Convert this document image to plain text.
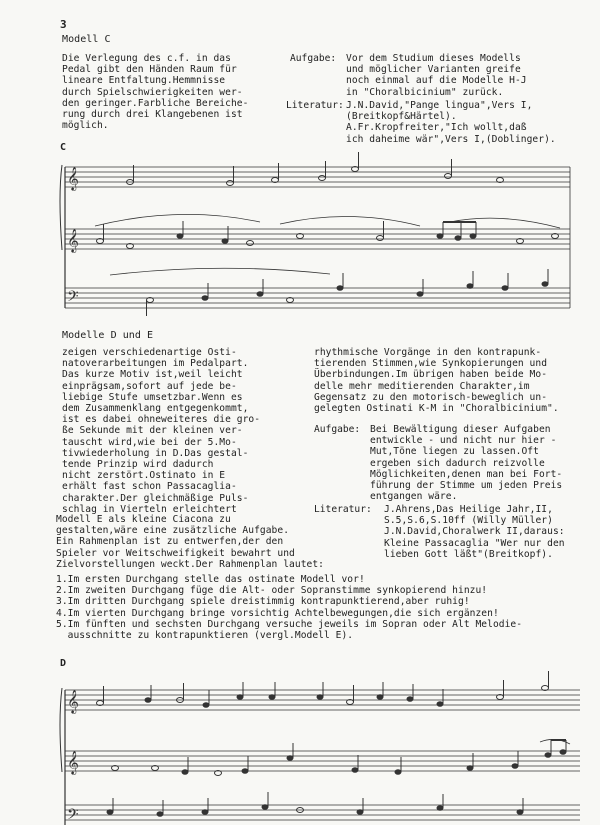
3
Modell C
Die Verlegung des c.f. in das
Pedal gibt den Händen Raum für
lineare Entfaltung.Hemmnisse
durch Spielschwierigkeiten wer-
den geringer.Farbliche Bereiche-
rung durch drei Klangebenen ist
möglich.
Aufgabe: Vor dem Studium dieses Modells
und möglicher Varianten greife
noch einmal auf die Modelle H-J
in "Choralbicinium" zurück.
Literatur: J.N.David,"Pange lingua",Vers I,
(Breitkopf&Härtel).
A.Fr.Kropfreiter,"Ich wollt,daß
ich daheime wär",Vers I,(Doblinger).
C
𝄞
𝄞
𝄢
Modelle D und E
zeigen verschiedenartige Osti-
natoverarbeitungen im Pedalpart.
Das kurze Motiv ist,weil leicht
einprägsam,sofort auf jede be-
liebige Stufe umsetzbar.Wenn es
dem Zusammenklang entgegenkommt,
ist es dabei ohneweiteres die gro-
ße Sekunde mit der kleinen ver-
tauscht wird,wie bei der 5.Mo-
tivwiederholung in D.Das gestal-
tende Prinzip wird dadurch
nicht zerstört.Ostinato in E
erhält fast schon Passacaglia-
charakter.Der gleichmäßige Puls-
schlag in Vierteln erleichtert
rhythmische Vorgänge in den kontrapunk-
tierenden Stimmen,wie Synkopierungen und
Überbindungen.Im übrigen haben beide Mo-
delle mehr meditierenden Charakter,im
Gegensatz zu den motorisch-beweglich un-
gelegten Ostinati K-M in "Choralbicinium".
Aufgabe: Bei Bewältigung dieser Aufgaben
entwickle - und nicht nur hier -
Mut,Töne liegen zu lassen.Oft
ergeben sich dadurch reizvolle
Möglichkeiten,denen man bei Fort-
führung der Stimme um jeden Preis
entgangen wäre.
Literatur: J.Ahrens,Das Heilige Jahr,II,
S.5,S.6,S.10ff (Willy Müller)
J.N.David,Choralwerk II,daraus:
Kleine Passacaglia "Wer nur den
lieben Gott läßt"(Breitkopf).
Modell E als kleine Ciacona zu
gestalten,wäre eine zusätzliche Aufgabe.
Ein Rahmenplan ist zu entwerfen,der den
Spieler vor Weitschweifigkeit bewahrt und
Zielvorstellungen weckt.Der Rahmenplan lautet:
1.Im ersten Durchgang stelle das ostinate Modell vor!
2.Im zweiten Durchgang füge die Alt- oder Sopranstimme synkopierend hinzu!
3.Im dritten Durchgang spiele dreistimmig kontrapunktierend,aber ruhig!
4.Im vierten Durchgang bringe vorsichtig Achtelbewegungen,die sich ergänzen!
5.Im fünften und sechsten Durchgang versuche jeweils im Sopran oder Alt Melodie-
ausschnitte zu kontrapunktieren (vergl.Modell E).
D
𝄞
𝄞
𝄢
